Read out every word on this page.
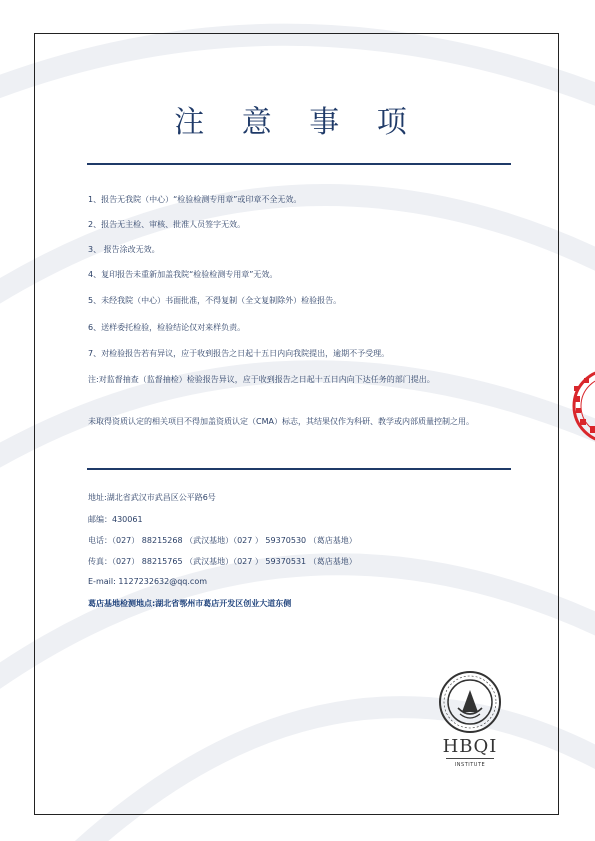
注 意 事 项
1、报告无我院（中心）“检验检测专用章”或印章不全无效。
2、报告无主检、审核、批准人员签字无效。
3、 报告涂改无效。
4、复印报告未重新加盖我院“检验检测专用章”无效。
5、未经我院（中心）书面批准，不得复制（全文复制除外）检验报告。
6、送样委托检验，检验结论仅对来样负责。
7、对检验报告若有异议，应于收到报告之日起十五日内向我院提出，逾期不予受理。
注:对监督抽查（监督抽检）检验报告异议，应于收到报告之日起十五日内向下达任务的部门提出。
未取得资质认定的相关项目不得加盖资质认定（CMA）标志，其结果仅作为科研、教学或内部质量控制之用。
地址:湖北省武汉市武昌区公平路6号
邮编：430061
电话：（027） 88215268 （武汉基地）（027 ） 59370530 （葛店基地）
传真：（027） 88215765 （武汉基地）（027 ） 59370531 （葛店基地）
E-mail: 1127232632@qq.com
葛店基地检测地点:湖北省鄂州市葛店开发区创业大道东侧
HBQI
INSTITUTE
